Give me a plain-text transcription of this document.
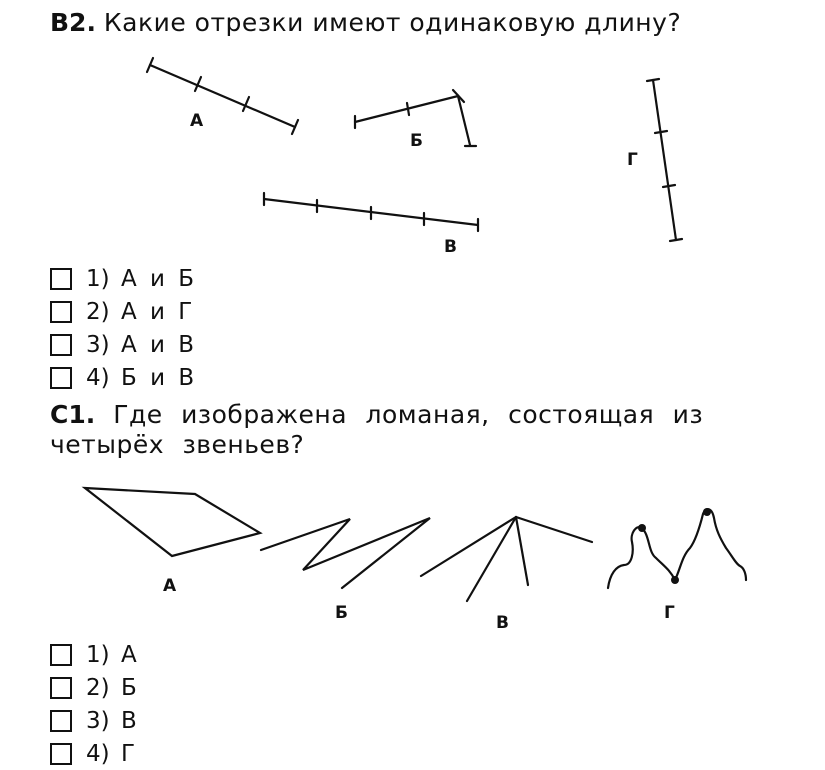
В2. Какие отрезки имеют одинаковую длину?
А
Б
В
Г
1) А и Б
2) А и Г
3) А и В
4) Б и В
С1. Где изображена ломаная, состоящая из четырёх звеньев?
А
Б	В	Г
1) А
2) Б
3) В
4) Г
